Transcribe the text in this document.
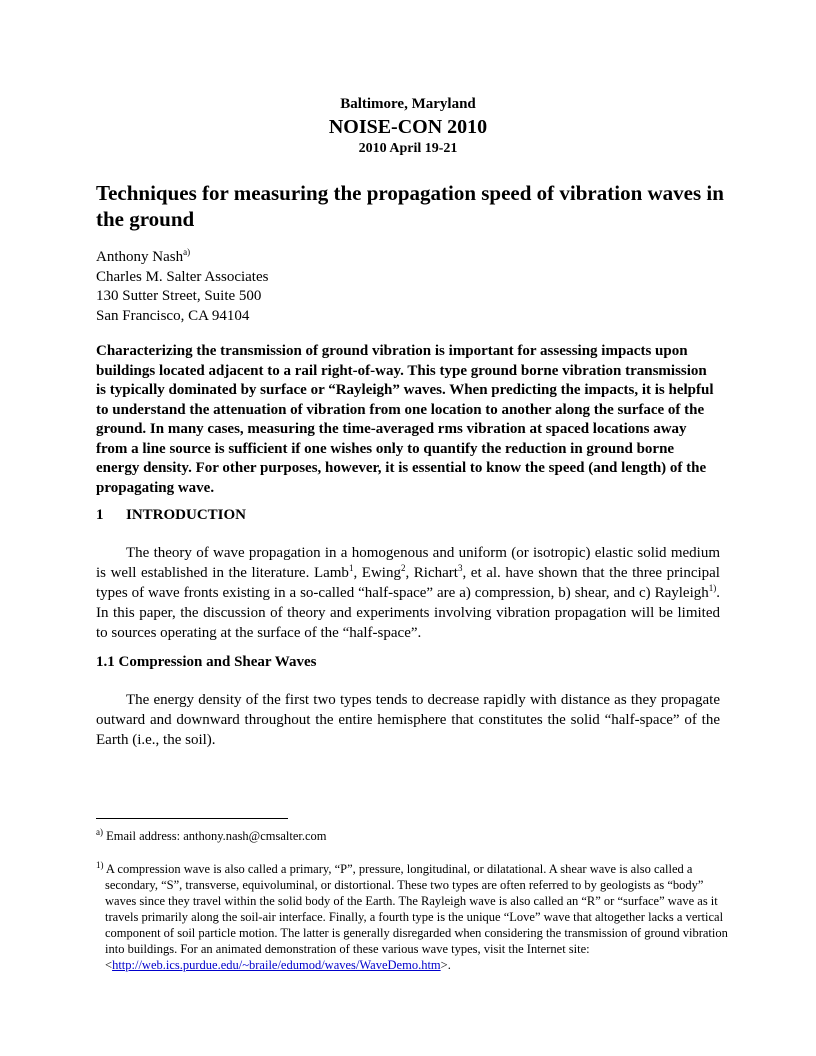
Baltimore, Maryland
NOISE-CON 2010
2010 April 19-21
Techniques for measuring the propagation speed of vibration waves in the ground
Anthony Nash$^{a)}$
Charles M. Salter Associates
130 Sutter Street, Suite 500
San Francisco, CA 94104
Characterizing the transmission of ground vibration is important for assessing impacts upon buildings located adjacent to a rail right-of-way. This type ground borne vibration transmission is typically dominated by surface or “Rayleigh” waves. When predicting the impacts, it is helpful to understand the attenuation of vibration from one location to another along the surface of the ground. In many cases, measuring the time-averaged rms vibration at spaced locations away from a line source is sufficient if one wishes only to quantify the reduction in ground borne energy density. For other purposes, however, it is essential to know the speed (and length) of the propagating wave.
1 INTRODUCTION
The theory of wave propagation in a homogenous and uniform (or isotropic) elastic solid medium is well established in the literature. Lamb$^1$, Ewing$^2$, Richart$^3$, et al. have shown that the three principal types of wave fronts existing in a so-called “half-space” are a) compression, b) shear, and c) Rayleigh$^{1)}$. In this paper, the discussion of theory and experiments involving vibration propagation will be limited to sources operating at the surface of the “half-space”.
1.1 Compression and Shear Waves
The energy density of the first two types tends to decrease rapidly with distance as they propagate outward and downward throughout the entire hemisphere that constitutes the solid “half-space” of the Earth (i.e., the soil).
$^{a)}$ Email address: anthony.nash@cmsalter.com
$^{1)}$ A compression wave is also called a primary, “P”, pressure, longitudinal, or dilatational. A shear wave is also called a secondary, “S”, transverse, equivoluminal, or distortional. These two types are often referred to by geologists as “body” waves since they travel within the solid body of the Earth. The Rayleigh wave is also called an “R” or “surface” wave as it travels primarily along the soil-air interface. Finally, a fourth type is the unique “Love” wave that altogether lacks a vertical component of soil particle motion. The latter is generally disregarded when considering the transmission of ground vibration into buildings. For an animated demonstration of these various wave types, visit the Internet site: <http://web.ics.purdue.edu/~braile/edumod/waves/WaveDemo.htm>.
